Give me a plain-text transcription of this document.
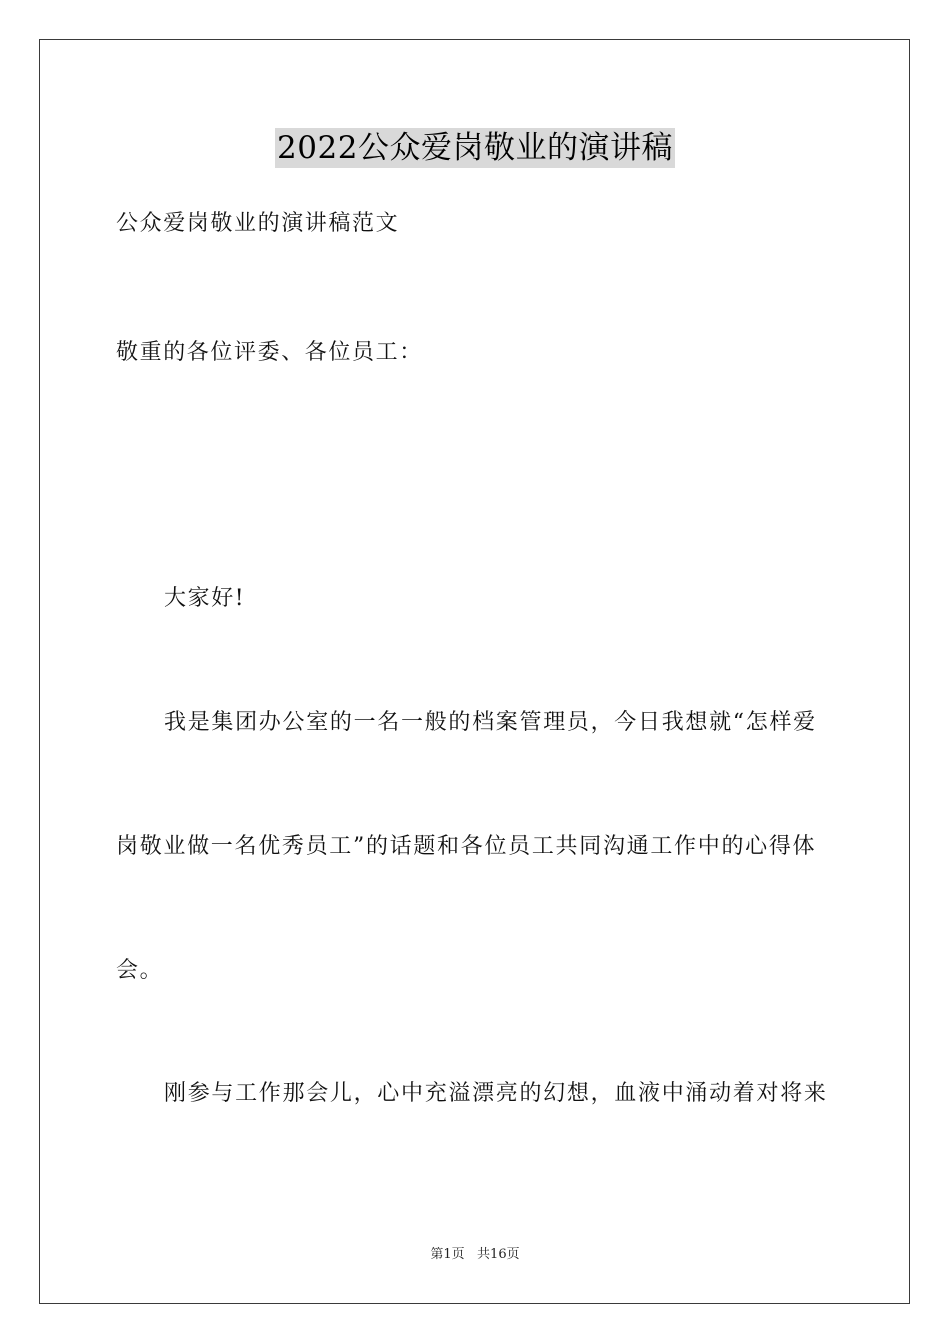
2022公众爱岗敬业的演讲稿
公众爱岗敬业的演讲稿范文
敬重的各位评委、各位员工：
大家好!
我是集团办公室的一名一般的档案管理员，今日我想就“怎样爱
岗敬业做一名优秀员工”的话题和各位员工共同沟通工作中的心得体
会。
刚参与工作那会儿，心中充溢漂亮的幻想，血液中涌动着对将来
第1页   共16页
